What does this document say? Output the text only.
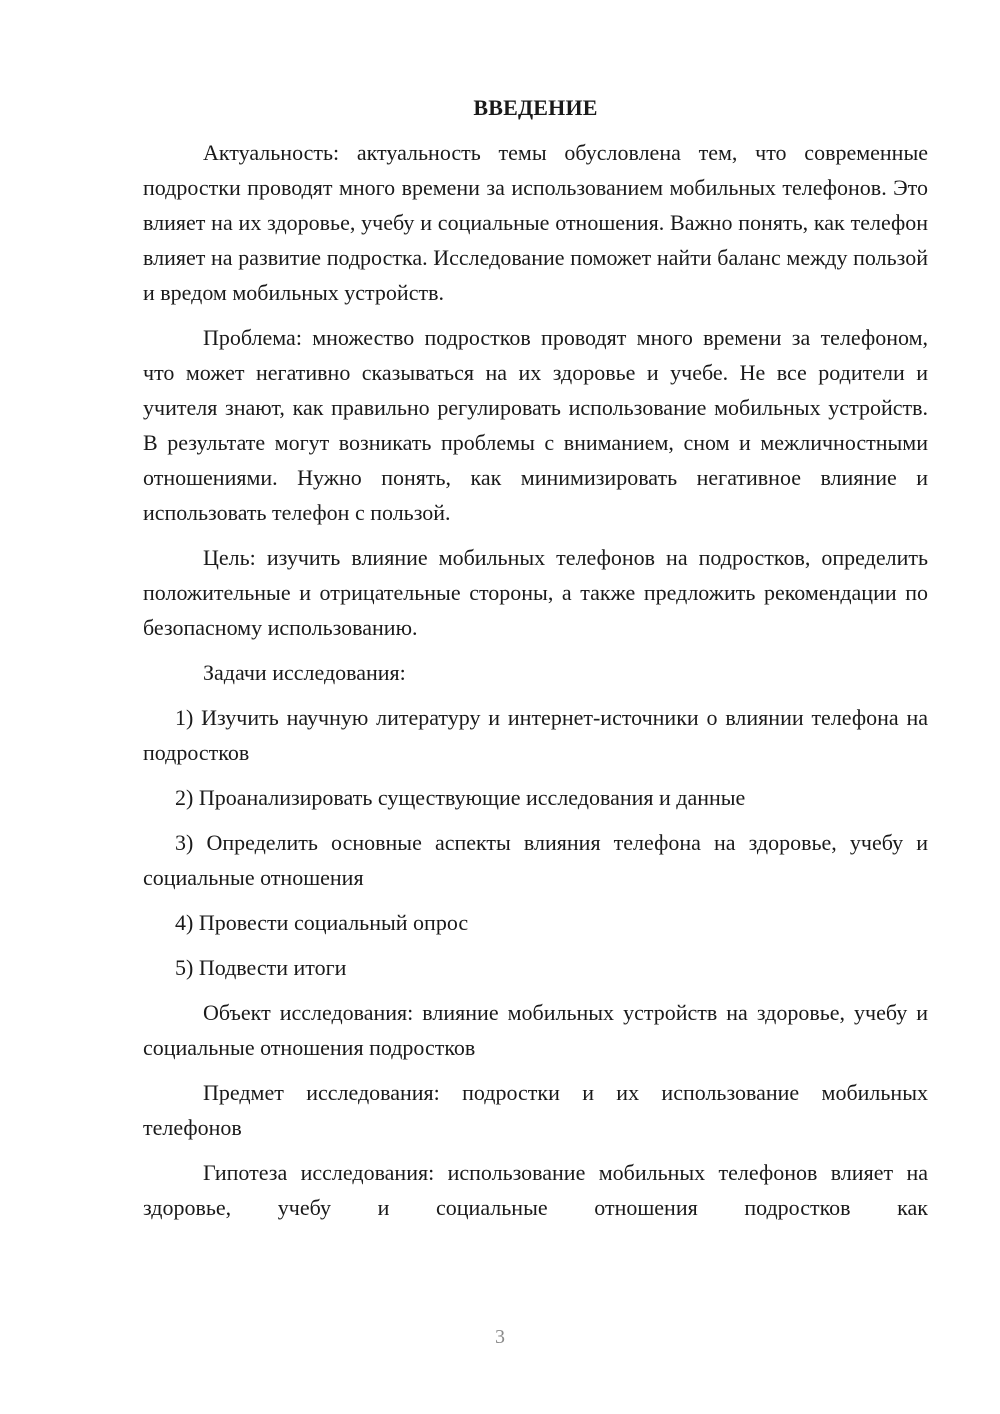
ВВЕДЕНИЕ

Актуальность: актуальность темы обусловлена тем, что современные подростки проводят много времени за использованием мобильных телефонов. Это влияет на их здоровье, учебу и социальные отношения. Важно понять, как телефон влияет на развитие подростка. Исследование поможет найти баланс между пользой и вредом мобильных устройств.

Проблема: множество подростков проводят много времени за телефоном, что может негативно сказываться на их здоровье и учебе. Не все родители и учителя знают, как правильно регулировать использование мобильных устройств. В результате могут возникать проблемы с вниманием, сном и межличностными отношениями. Нужно понять, как минимизировать негативное влияние и использовать телефон с пользой.

Цель: изучить влияние мобильных телефонов на подростков, определить положительные и отрицательные стороны, а также предложить рекомендации по безопасному использованию.

Задачи исследования:

1) Изучить научную литературу и интернет-источники о влиянии телефона на подростков

2) Проанализировать существующие исследования и данные

3) Определить основные аспекты влияния телефона на здоровье, учебу и социальные отношения

4) Провести социальный опрос

5) Подвести итоги

Объект исследования: влияние мобильных устройств на здоровье, учебу и социальные отношения подростков

Предмет исследования: подростки и их использование мобильных телефонов

Гипотеза исследования: использование мобильных телефонов влияет на здоровье, учебу и социальные отношения подростков как

3
